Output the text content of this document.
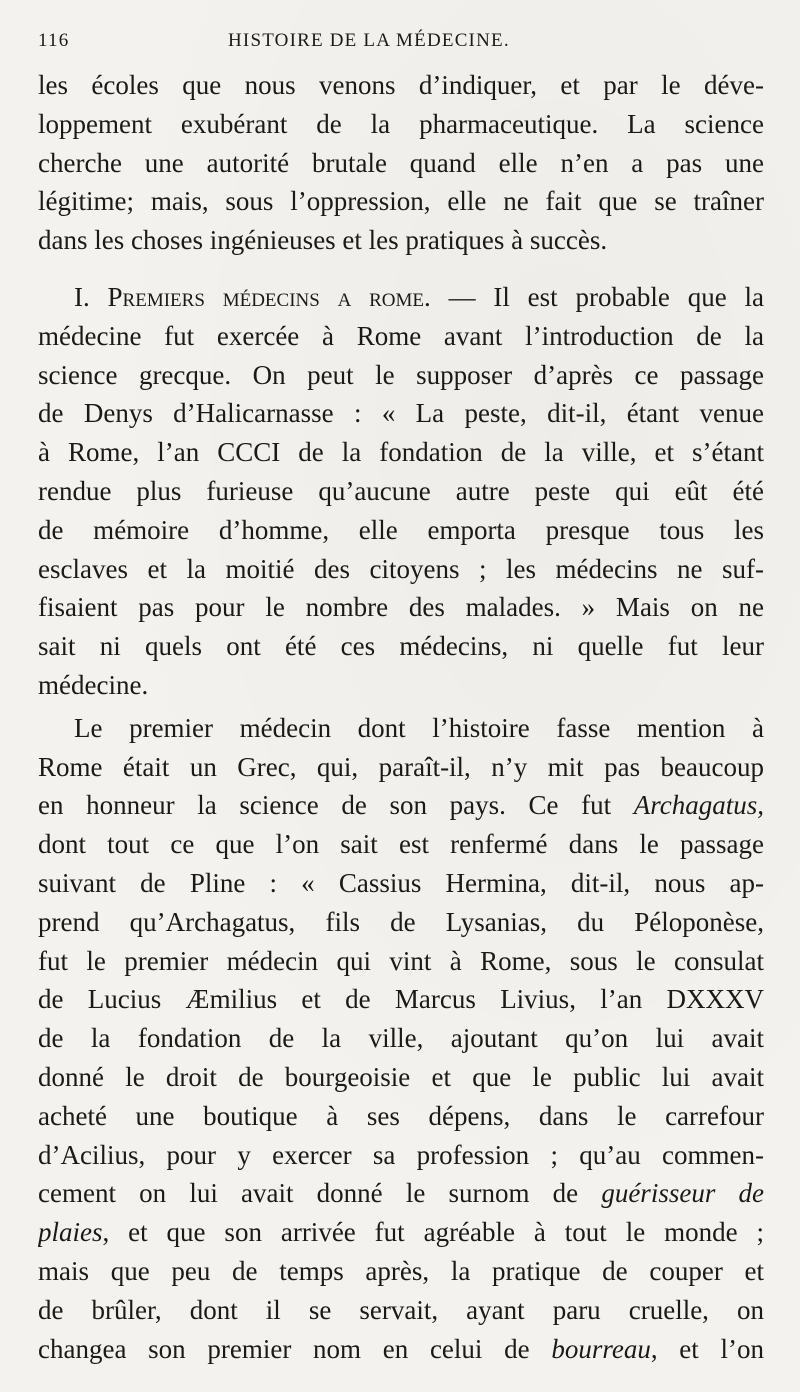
116	HISTOIRE DE LA MÉDECINE.
les écoles que nous venons d’indiquer, et par le déve-
loppement exubérant de la pharmaceutique. La science
cherche une autorité brutale quand elle n’en a pas une
légitime; mais, sous l’oppression, elle ne fait que se traîner
dans les choses ingénieuses et les pratiques à succès.
I. Premiers médecins a rome. — Il est probable que la
médecine fut exercée à Rome avant l’introduction de la
science grecque. On peut le supposer d’après ce passage
de Denys d’Halicarnasse : « La peste, dit-il, étant venue
à Rome, l’an CCCI de la fondation de la ville, et s’étant
rendue plus furieuse qu’aucune autre peste qui eût été
de mémoire d’homme, elle emporta presque tous les
esclaves et la moitié des citoyens ; les médecins ne suf-
fisaient pas pour le nombre des malades. » Mais on ne
sait ni quels ont été ces médecins, ni quelle fut leur
médecine.
Le premier médecin dont l’histoire fasse mention à
Rome était un Grec, qui, paraît-il, n’y mit pas beaucoup
en honneur la science de son pays. Ce fut Archagatus,
dont tout ce que l’on sait est renfermé dans le passage
suivant de Pline : « Cassius Hermina, dit-il, nous ap-
prend qu’Archagatus, fils de Lysanias, du Péloponèse,
fut le premier médecin qui vint à Rome, sous le consulat
de Lucius Æmilius et de Marcus Livius, l’an DXXXV
de la fondation de la ville, ajoutant qu’on lui avait
donné le droit de bourgeoisie et que le public lui avait
acheté une boutique à ses dépens, dans le carrefour
d’Acilius, pour y exercer sa profession ; qu’au commen-
cement on lui avait donné le surnom de guérisseur de
plaies, et que son arrivée fut agréable à tout le monde ;
mais que peu de temps après, la pratique de couper et
de brûler, dont il se servait, ayant paru cruelle, on
changea son premier nom en celui de bourreau, et l’on
